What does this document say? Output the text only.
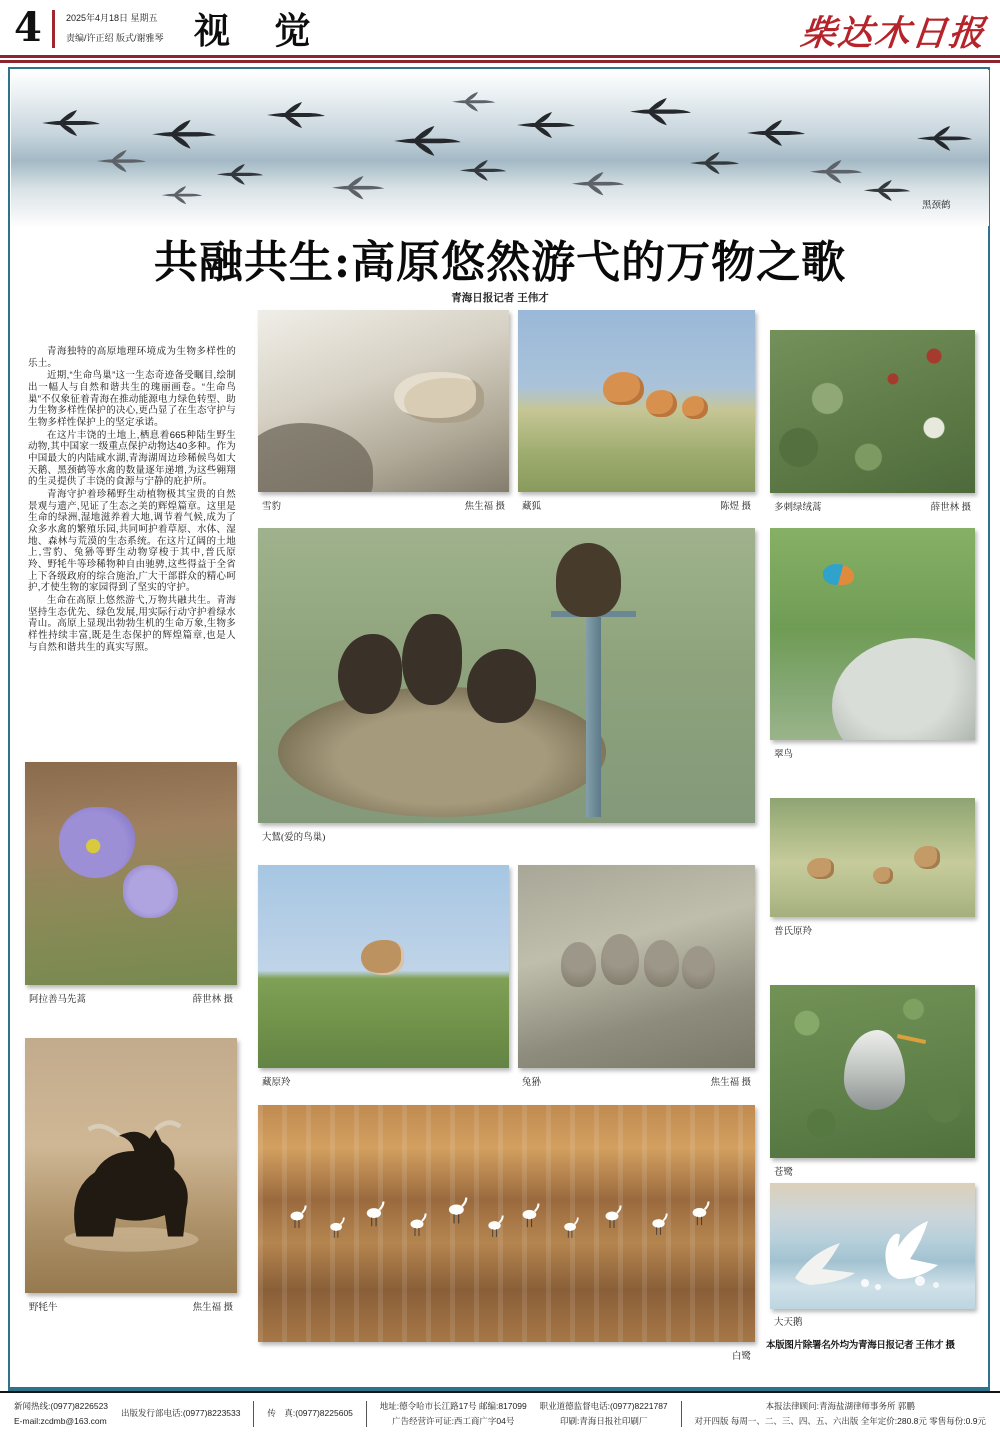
4	2025年4月18日 星期五
责编/许正绍 版式/谢雅琴 视 觉	柴达木日报
黑颈鹤
共融共生:高原悠然游弋的万物之歌
青海日报记者 王伟才

青海独特的高原地理环境成为生物多样性的乐土。

近期,“生命鸟巢”这一生态奇迹备受瞩目,绘制出一幅人与自然和谐共生的瑰丽画卷。“生命鸟巢”不仅象征着青海在推动能源电力绿色转型、助力生物多样性保护的决心,更凸显了在生态守护与生物多样性保护上的坚定承诺。

在这片丰饶的土地上,栖息着665种陆生野生动物,其中国家一级重点保护动物达40多种。作为中国最大的内陆咸水湖,青海湖周边珍稀候鸟如大天鹅、黑颈鹤等水禽的数量逐年递增,为这些翱翔的生灵提供了丰饶的食源与宁静的庇护所。

青海守护着珍稀野生动植物极其宝贵的自然景观与遗产,见证了生态之美的辉煌篇章。这里是生命的绿洲,湿地滋养着大地,调节着气候,成为了众多水禽的繁殖乐园,共同呵护着草原、水体、湿地、森林与荒漠的生态系统。在这片辽阔的土地上,雪豹、兔狲等野生动物穿梭于其中,普氏原羚、野牦牛等珍稀物种自由驰骋,这些得益于全省上下各级政府的综合施治,广大干部群众的精心呵护,才使生物的家园得到了坚实的守护。

生命在高原上悠然游弋,万物共融共生。青海坚持生态优先、绿色发展,用实际行动守护着绿水青山。高原上显现出勃勃生机的生命万象,生物多样性持续丰富,既是生态保护的辉煌篇章,也是人与自然和谐共生的真实写照。

阿拉善马先蒿	薛世林 摄
野牦牛	焦生福 摄
雪豹	焦生福 摄 藏狐	陈煜 摄
大鵟(爱的鸟巢)
藏原羚	兔狲	焦生福 摄
白鹭
多刺绿绒蒿	薛世林 摄
翠鸟
普氏原羚
苍鹭
大天鹅
本版图片除署名外均为青海日报记者 王伟才 摄
新闻热线:(0977)8226523
E-mail:zcdmb@163.com
出版发行部电话:(0977)8223533	传　真:(0977)8225605
地址:德令哈市长江路17号 邮编:817099
广告经营许可证:西工商广字04号
职业道德监督电话:(0977)8221787
印刷:青海日报社印刷厂
本报法律顾问:青海盐湖律师事务所 郭鹏
对开四版 每周一、二、三、四、五、六出版 全年定价:280.8元 零售每份:0.9元
